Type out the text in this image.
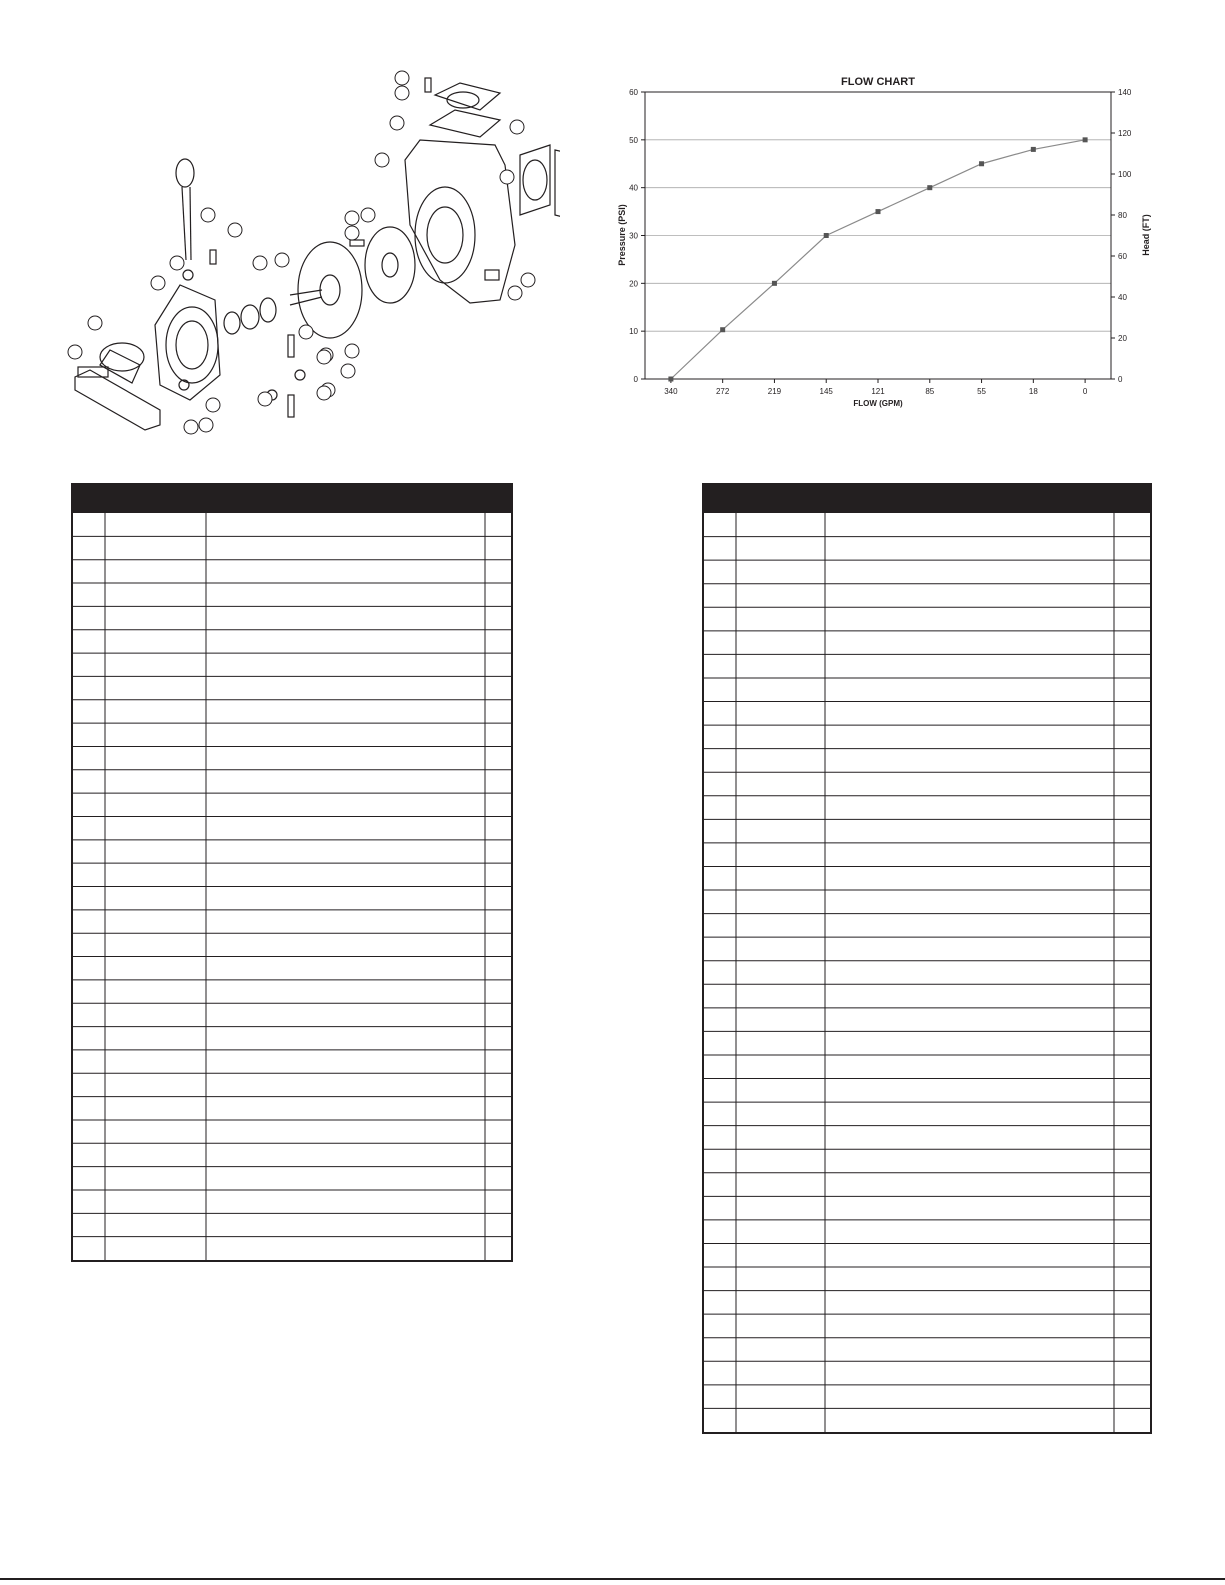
FLOW CHART
FLOW (GPM)
Pressure (PSI)	Head (FT)
0
10
20
30
40
50
60
0
20
40
60
80
100
120
140
340	272	219	145	121	85	55	18	0
